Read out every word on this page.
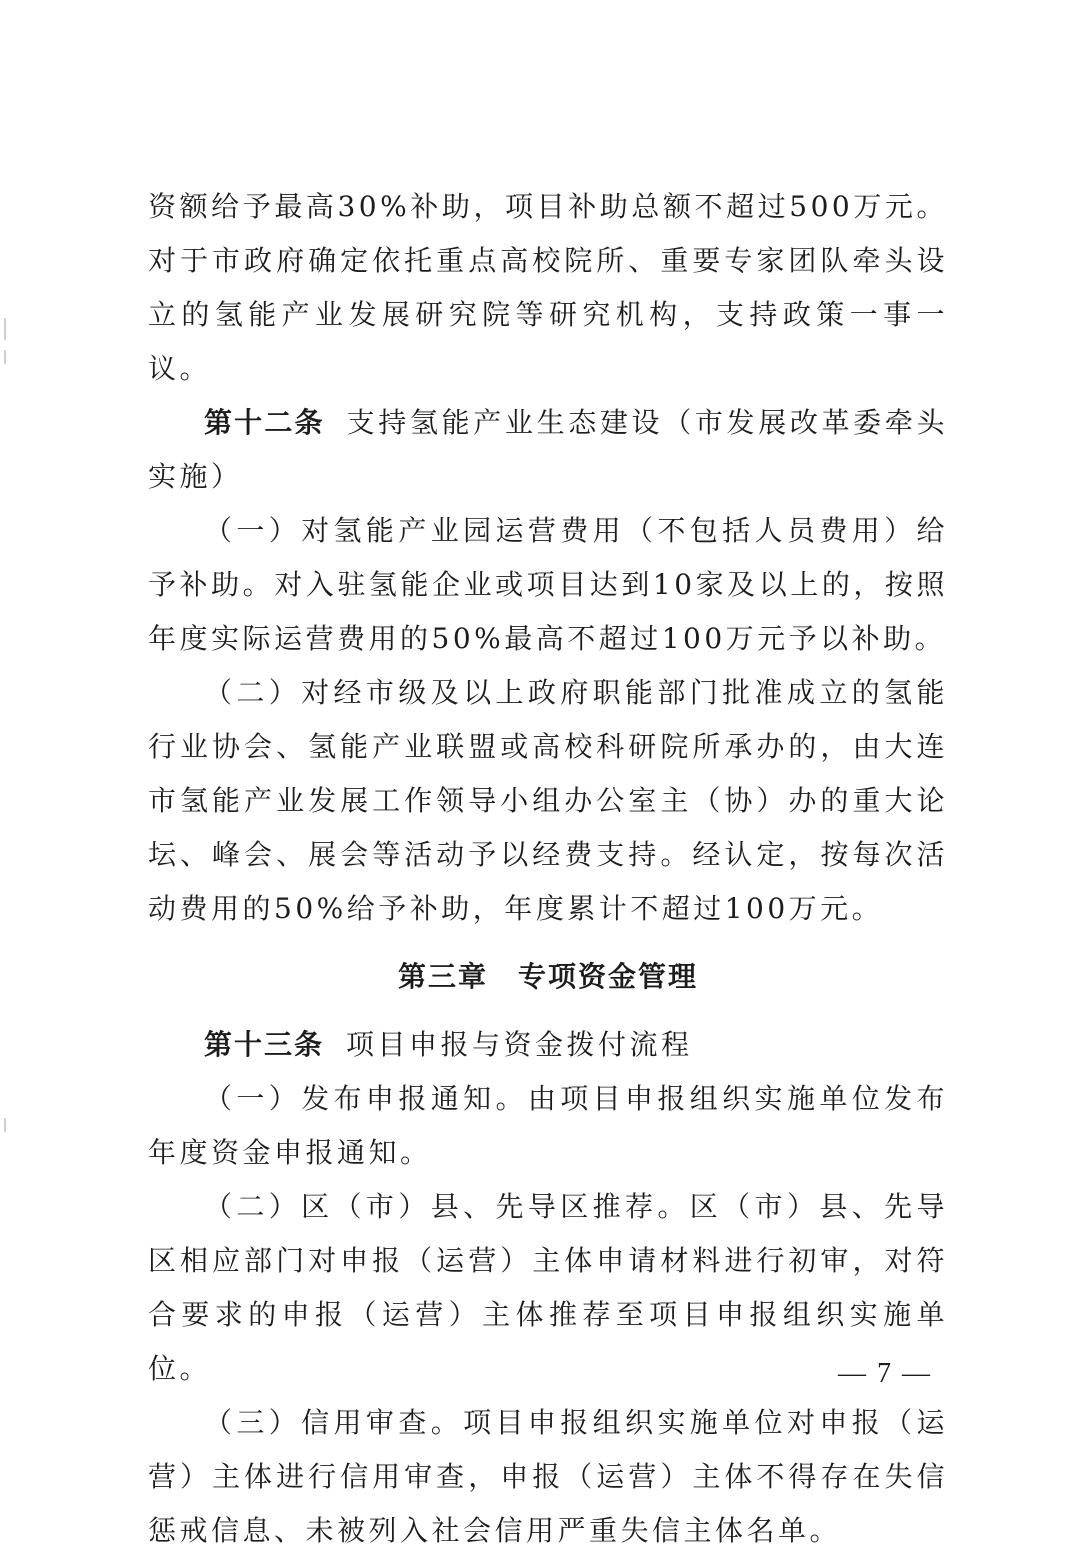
资额给予最高30%补助，项目补助总额不超过500万元。对于市政府确定依托重点高校院所、重要专家团队牵头设立的氢能产业发展研究院等研究机构，支持政策一事一议。

第十二条 支持氢能产业生态建设（市发展改革委牵头实施）

（一）对氢能产业园运营费用（不包括人员费用）给予补助。对入驻氢能企业或项目达到10家及以上的，按照年度实际运营费用的50%最高不超过100万元予以补助。

（二）对经市级及以上政府职能部门批准成立的氢能行业协会、氢能产业联盟或高校科研院所承办的，由大连市氢能产业发展工作领导小组办公室主（协）办的重大论坛、峰会、展会等活动予以经费支持。经认定，按每次活动费用的50%给予补助，年度累计不超过100万元。

第三章 专项资金管理

第十三条 项目申报与资金拨付流程

（一）发布申报通知。由项目申报组织实施单位发布年度资金申报通知。

（二）区（市）县、先导区推荐。区（市）县、先导区相应部门对申报（运营）主体申请材料进行初审，对符合要求的申报（运营）主体推荐至项目申报组织实施单位。

（三）信用审查。项目申报组织实施单位对申报（运营）主体进行信用审查，申报（运营）主体不得存在失信惩戒信息、未被列入社会信用严重失信主体名单。

— 7 —
